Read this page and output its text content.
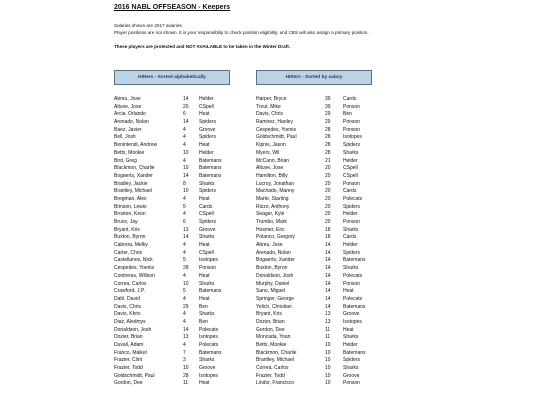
2016 NABL OFFSEASON - Keepers
Salaries shown are 2017 salaries.
Player positions are not shown. It is your responsiblity to check position eligibility, and CBS will also assign a primary position.
These players are protected and NOT AVAILABLE to be taken in the Winter Draft.
Hitters - Sorted alphabetically	Hitters - Sorted by salary
Abreu, Jose	14 Helder
Altuve, Jose	20 CSpell
Arcia, Orlando	6	Heat
Arenado, Nolan	14 Spiders
Baez, Javier	4	Groove
Bell, Josh	4	Spiders
Benintendi, Andrew	4	Heat
Betts, Mookie	10 Helder
Bird, Greg	4	Batemans
Blackmon, Charlie	10 Batemans
Bogaerts, Xander	14 Batemans
Bradley, Jackie	8	Sharks
Brantley, Michael	10 Spiders
Bregman, Alex	4	Heat
Brinson, Lewis	5	Cards
Broxton, Keon	4	CSpell
Bruce, Jay	6	Spiders
Bryant, Kris	13 Groove
Buxton, Byron	14 Sharks
Cabrera, Melky	4	Heat
Carter, Chris	4	CSpell
Castellanos, Nick	5	Isotopes
Cespedes, Yoenis	28 Ponson
Contreras, Willson	4	Heat
Correa, Carlos	10 Sharks
Crawford, J.P.	5	Batemans
Dahl, David	4	Heat
Davis, Chris	29 Ben
Davis, Khris	4	Sharks
Diaz, Aledmys	4	Ben
Donaldson, Josh	14 Polecats
Dozier, Brian	13 Isotopes
Duvall, Adam	4	Polecats
Franco, Maikel	7	Batemans
Frazier, Clint	3	Sharks
Frazier, Todd	10 Groove
Goldschmidt, Paul	28 Isotopes
Gordon, Dee	11 Heat
Harper, Bryce	39 Cards
Trout, Mike	39 Ponson
Davis, Chris	29 Ben
Ramirez, Hanley	29 Ponson
Cespedes, Yoenis	28 Ponson
Goldschmidt, Paul	28 Isotopes
Kipnis, Jason	28 Spiders
Myers, Wil	28 Sharks
McCann, Brian	21 Helder
Altuve, Jose	20 CSpell
Hamilton, Billy	20 CSpell
Lucroy, Jonathan	20 Ponson
Machado, Manny	20 Cards
Marte, Starling	20 Polecats
Rizzo, Anthony	20 Spiders
Seager, Kyle	20 Helder
Trumbo, Mark	20 Ponson
Hosmer, Eric	18 Sharks
Polanco, Gregory	18 Cards
Abreu, Jose	14 Helder
Arenado, Nolan	14 Spiders
Bogaerts, Xander	14 Batemans
Buxton, Byron	14 Sharks
Donaldson, Josh	14 Polecats
Murphy, Daniel	14 Ponson
Sano, Miguel	14 Heat
Springer, George	14 Polecats
Yelich, Christian	14 Batemans
Bryant, Kris	13 Groove
Dozier, Brian	13 Isotopes
Gordon, Dee	11	Heat
Moncada, Yoan	11	Sharks
Betts, Mookie	10 Helder
Blackmon, Charlie	10 Batemans
Brantley, Michael	10 Spiders
Correa, Carlos	10 Sharks
Frazier, Todd	10 Groove
Lindor, Francisco	10 Ponson
